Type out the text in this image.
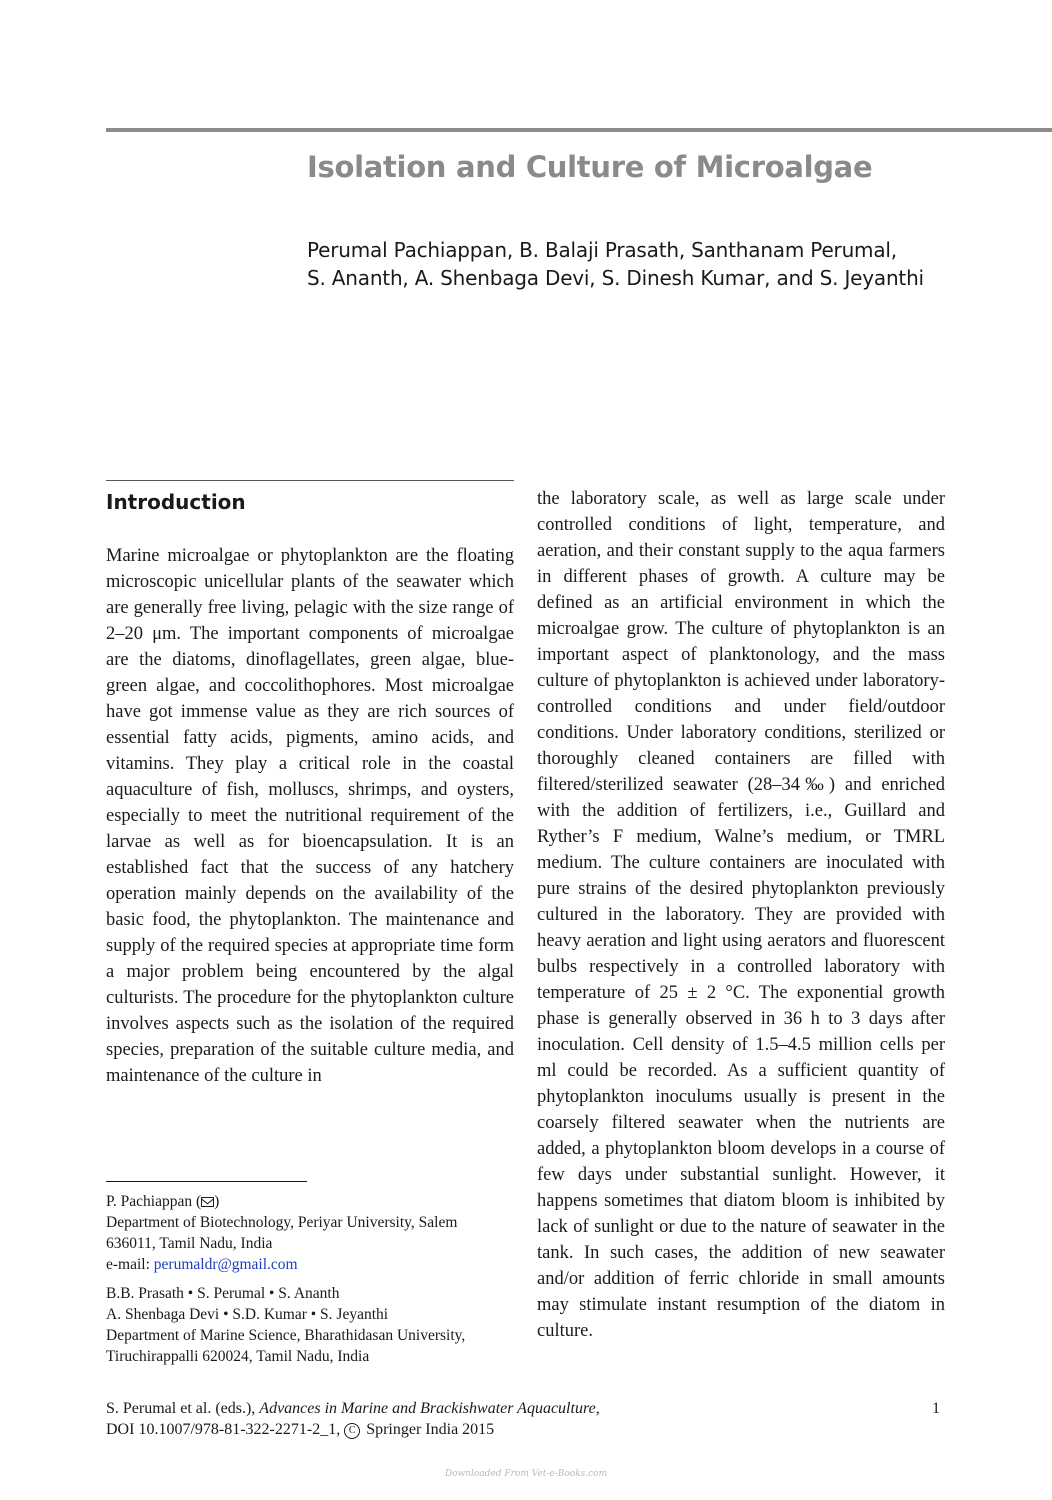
Isolation and Culture of Microalgae
Perumal Pachiappan, B. Balaji Prasath, Santhanam Perumal,
S. Ananth, A. Shenbaga Devi, S. Dinesh Kumar, and S. Jeyanthi
Introduction

Marine microalgae or phytoplankton are the floating microscopic unicellular plants of the seawater which are generally free living, pelagic with the size range of 2–20 μm. The important components of microalgae are the diatoms, dinoflagellates, green algae, blue-green algae, and coccolithophores. Most microalgae have got immense value as they are rich sources of essential fatty acids, pigments, amino acids, and vitamins. They play a critical role in the coastal aquaculture of fish, molluscs, shrimps, and oysters, especially to meet the nutritional requirement of the larvae as well as for bioencapsulation. It is an established fact that the success of any hatchery operation mainly depends on the availability of the basic food, the phytoplankton. The maintenance and supply of the required species at appropriate time form a major problem being encountered by the algal culturists. The procedure for the phytoplankton culture involves aspects such as the isolation of the required species, preparation of the suitable culture media, and maintenance of the culture in

the laboratory scale, as well as large scale under controlled conditions of light, temperature, and aeration, and their constant supply to the aqua farmers in different phases of growth. A culture may be defined as an artificial environment in which the microalgae grow. The culture of phytoplankton is an important aspect of planktonology, and the mass culture of phytoplankton is achieved under laboratory-controlled conditions and under field/outdoor conditions. Under laboratory conditions, sterilized or thoroughly cleaned containers are filled with filtered/sterilized seawater (28–34‰) and enriched with the addition of fertilizers, i.e., Guillard and Ryther’s F medium, Walne’s medium, or TMRL medium. The culture containers are inoculated with pure strains of the desired phytoplankton previously cultured in the laboratory. They are provided with heavy aeration and light using aerators and fluorescent bulbs respectively in a controlled laboratory with temperature of 25 ± 2 °C. The exponential growth phase is generally observed in 36 h to 3 days after inoculation. Cell density of 1.5–4.5 million cells per ml could be recorded. As a sufficient quantity of phytoplankton inoculums usually is present in the coarsely filtered seawater when the nutrients are added, a phytoplankton bloom develops in a course of few days under substantial sunlight. However, it happens sometimes that diatom bloom is inhibited by lack of sunlight or due to the nature of seawater in the tank. In such cases, the addition of new seawater and/or addition of ferric chloride in small amounts may stimulate instant resumption of the diatom in culture.

P. Pachiappan ( )
Department of Biotechnology, Periyar University, Salem
636011, Tamil Nadu, India
e-mail: perumaldr@gmail.com
B.B. Prasath • S. Perumal • S. Ananth
A. Shenbaga Devi • S.D. Kumar • S. Jeyanthi
Department of Marine Science, Bharathidasan University,
Tiruchirappalli 620024, Tamil Nadu, India
S. Perumal et al. (eds.), Advances in Marine and Brackishwater Aquaculture,
DOI 10.1007/978-81-322-2271-2_1, C Springer India 2015
1
Downloaded From Vet-e-Books.com
